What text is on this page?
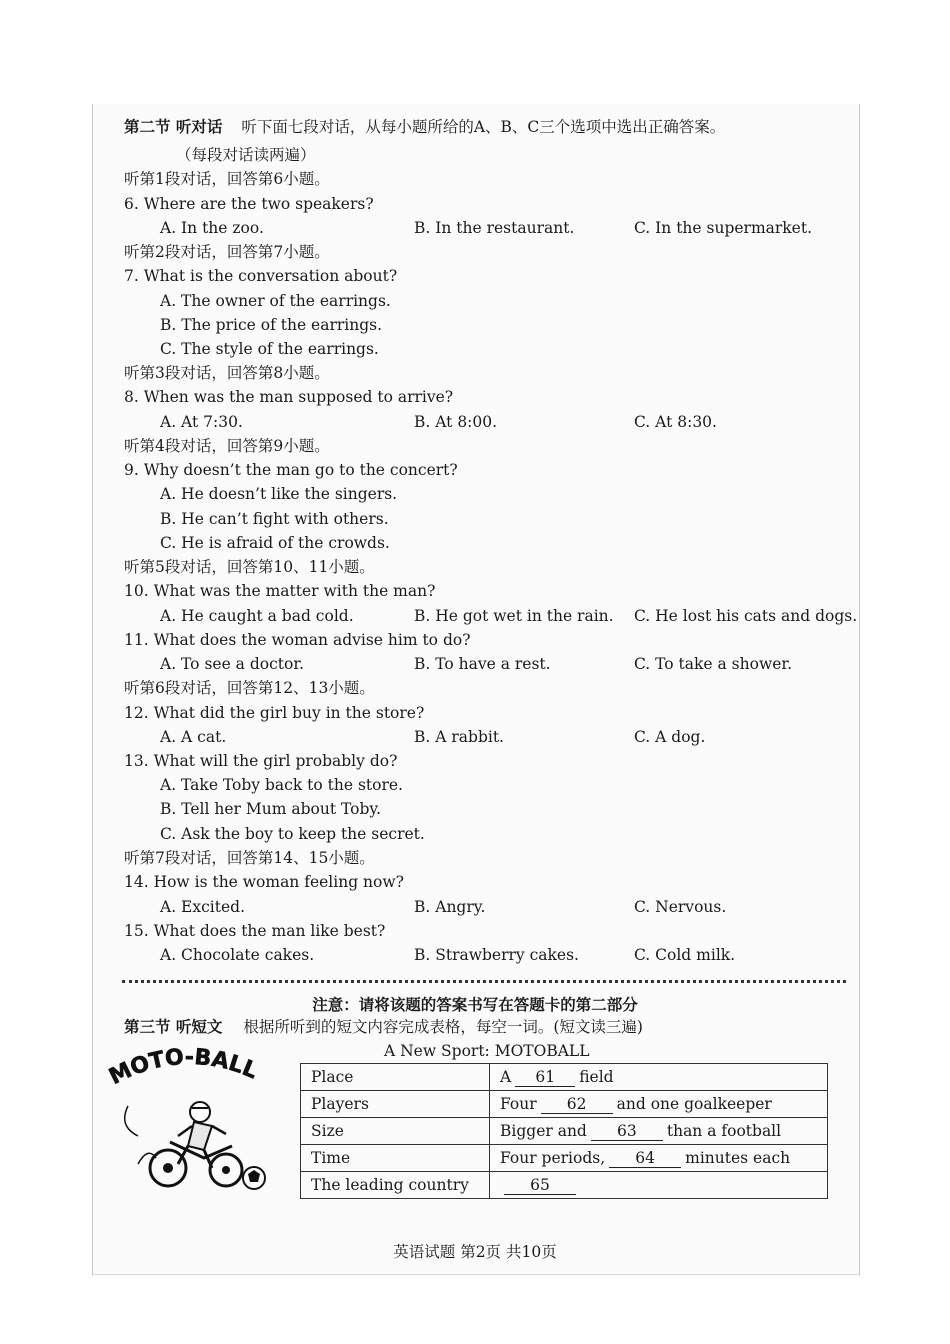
第二节 听对话 听下面七段对话，从每小题所给的A、B、C三个选项中选出正确答案。
（每段对话读两遍）
听第1段对话，回答第6小题。
6. Where are the two speakers?
A. In the zoo.	B. In the restaurant.	C. In the supermarket.
听第2段对话，回答第7小题。
7. What is the conversation about?
A. The owner of the earrings.
B. The price of the earrings.
C. The style of the earrings.
听第3段对话，回答第8小题。
8. When was the man supposed to arrive?
A. At 7:30.	B. At 8:00.	C. At 8:30.
听第4段对话，回答第9小题。
9. Why doesn’t the man go to the concert?
A. He doesn’t like the singers.
B. He can’t fight with others.
C. He is afraid of the crowds.
听第5段对话，回答第10、11小题。
10. What was the matter with the man?
A. He caught a bad cold.	B. He got wet in the rain. C. He lost his cats and dogs.
11. What does the woman advise him to do?
A. To see a doctor.	B. To have a rest.	C. To take a shower.
听第6段对话，回答第12、13小题。
12. What did the girl buy in the store?
A. A cat.	B. A rabbit.	C. A dog.
13. What will the girl probably do?
A. Take Toby back to the store.
B. Tell her Mum about Toby.
C. Ask the boy to keep the secret.
听第7段对话，回答第14、15小题。
14. How is the woman feeling now?
A. Excited.	B. Angry.	C. Nervous.
15. What does the man like best?
A. Chocolate cakes.	B. Strawberry cakes.	C. Cold milk.
注意：请将该题的答案书写在答题卡的第二部分
第三节 听短文 根据所听到的短文内容完成表格，每空一词。(短文读三遍)
MOTO-BALL
A New Sport: MOTOBALL
Place	A 61 field
Players	Four 62 and one goalkeeper
Size	Bigger and 63 than a football
Time	Four periods, 64 minutes each
The leading country	65
英语试题 第2页 共10页
